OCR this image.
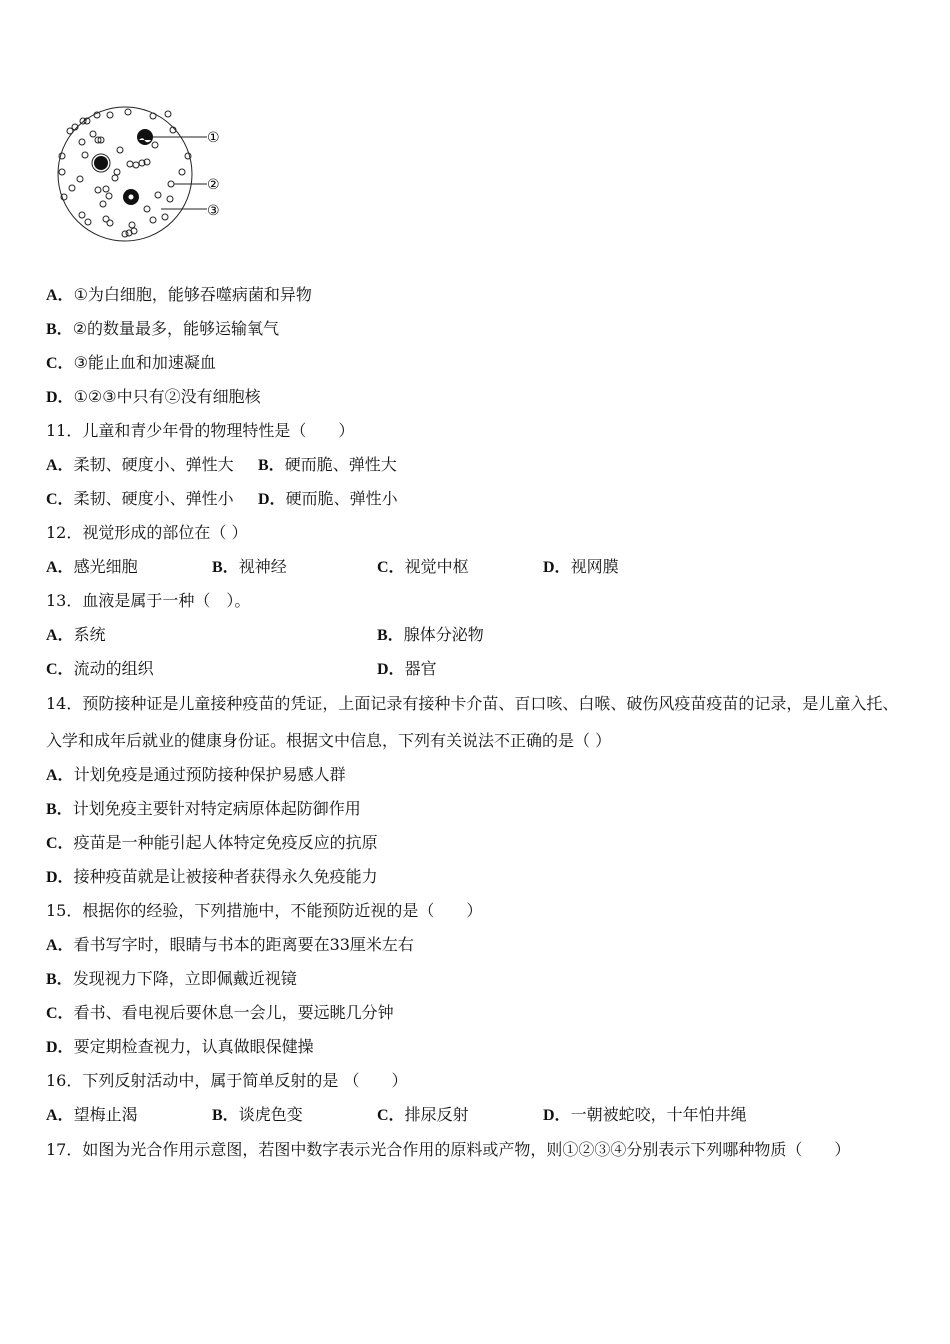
①
②
③
A．①为白细胞，能够吞噬病菌和异物
B．②的数量最多，能够运输氧气
C．③能止血和加速凝血
D．①②③中只有②没有细胞核
11．儿童和青少年骨的物理特性是（　　）
A．柔韧、硬度小、弹性大 B．硬而脆、弹性大
C．柔韧、硬度小、弹性小 D．硬而脆、弹性小
12．视觉形成的部位在（ ）
A．感光细胞	B．视神经	C．视觉中枢	D．视网膜
13．血液是属于一种（　）。
A．系统	B．腺体分泌物
C．流动的组织	D．器官
14．预防接种证是儿童接种疫苗的凭证，上面记录有接种卡介苗、百口咳、白喉、破伤风疫苗疫苗的记录，是儿童入托、
入学和成年后就业的健康身份证。根据文中信息，下列有关说法不正确的是（ ）
A．计划免疫是通过预防接种保护易感人群
B．计划免疫主要针对特定病原体起防御作用
C．疫苗是一种能引起人体特定免疫反应的抗原
D．接种疫苗就是让被接种者获得永久免疫能力
15．根据你的经验，下列措施中，不能预防近视的是（　　）
A．看书写字时，眼睛与书本的距离要在33厘米左右
B．发现视力下降，立即佩戴近视镜
C．看书、看电视后要休息一会儿，要远眺几分钟
D．要定期检查视力，认真做眼保健操
16．下列反射活动中，属于简单反射的是 （　　）
A．望梅止渴	B．谈虎色变	C．排尿反射	D．一朝被蛇咬，十年怕井绳
17．如图为光合作用示意图，若图中数字表示光合作用的原料或产物，则①②③④分别表示下列哪种物质（　　）
